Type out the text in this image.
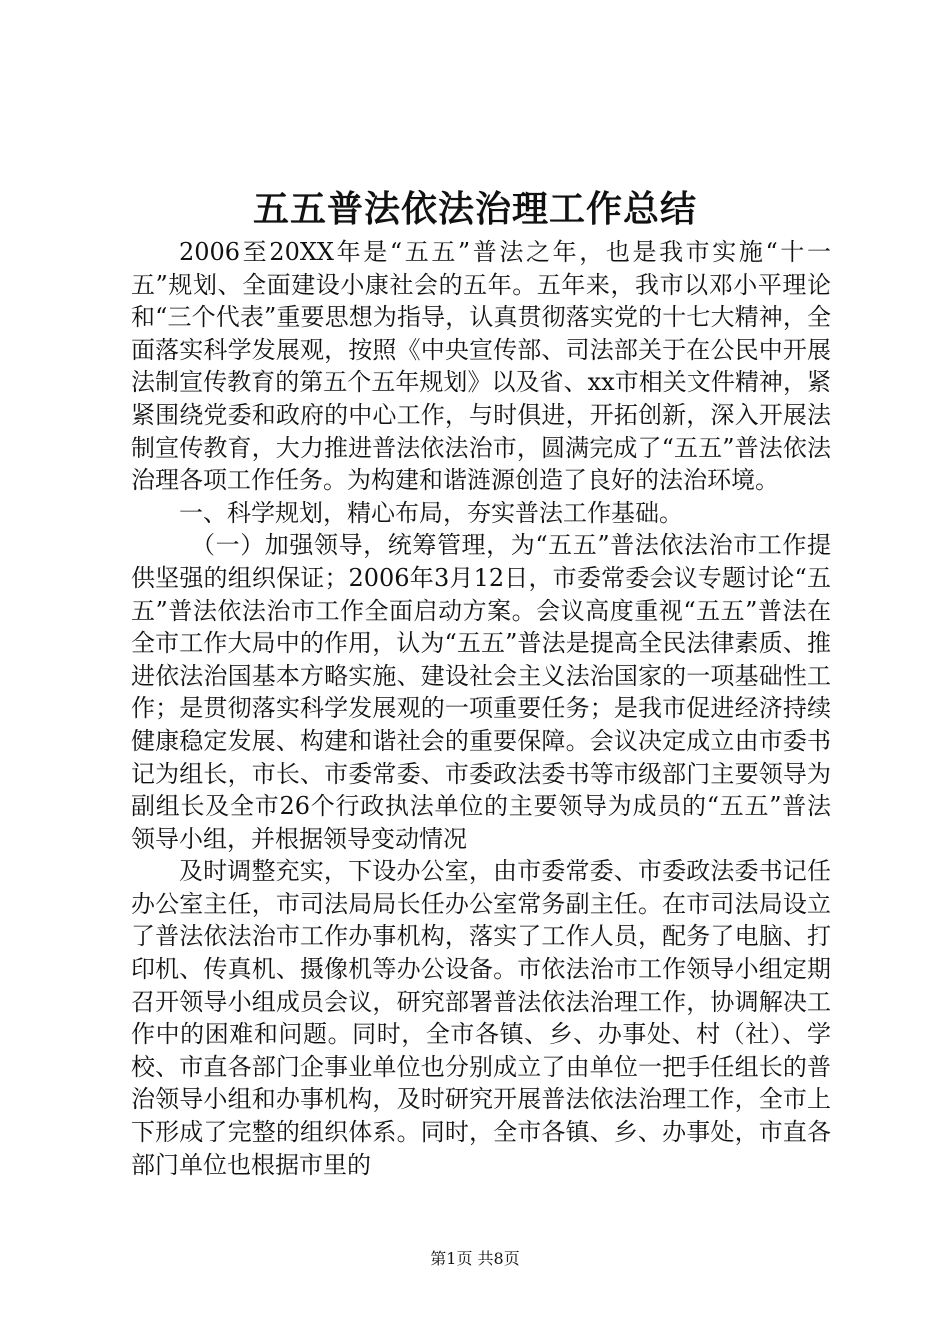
五五普法依法治理工作总结

2006至20XX年是“五五”普法之年，也是我市实施“十一五”规划、全面建设小康社会的五年。五年来，我市以邓小平理论和“三个代表”重要思想为指导，认真贯彻落实党的十七大精神，全面落实科学发展观，按照《中央宣传部、司法部关于在公民中开展法制宣传教育的第五个五年规划》以及省、xx市相关文件精神，紧紧围绕党委和政府的中心工作，与时俱进，开拓创新，深入开展法制宣传教育，大力推进普法依法治市，圆满完成了“五五”普法依法治理各项工作任务。为构建和谐涟源创造了良好的法治环境。

一、科学规划，精心布局，夯实普法工作基础。

（一）加强领导，统筹管理，为“五五”普法依法治市工作提供坚强的组织保证；2006年3月12日，市委常委会议专题讨论“五五”普法依法治市工作全面启动方案。会议高度重视“五五”普法在全市工作大局中的作用，认为“五五”普法是提高全民法律素质、推进依法治国基本方略实施、建设社会主义法治国家的一项基础性工作；是贯彻落实科学发展观的一项重要任务；是我市促进经济持续健康稳定发展、构建和谐社会的重要保障。会议决定成立由市委书记为组长，市长、市委常委、市委政法委书等市级部门主要领导为副组长及全市26个行政执法单位的主要领导为成员的“五五”普法领导小组，并根据领导变动情况

及时调整充实，下设办公室，由市委常委、市委政法委书记任办公室主任，市司法局局长任办公室常务副主任。在市司法局设立了普法依法治市工作办事机构，落实了工作人员，配务了电脑、打印机、传真机、摄像机等办公设备。市依法治市工作领导小组定期召开领导小组成员会议，研究部署普法依法治理工作，协调解决工作中的困难和问题。同时，全市各镇、乡、办事处、村（社）、学校、市直各部门企事业单位也分别成立了由单位一把手任组长的普治领导小组和办事机构，及时研究开展普法依法治理工作，全市上下形成了完整的组织体系。同时，全市各镇、乡、办事处，市直各部门单位也根据市里的

第1页 共8页
